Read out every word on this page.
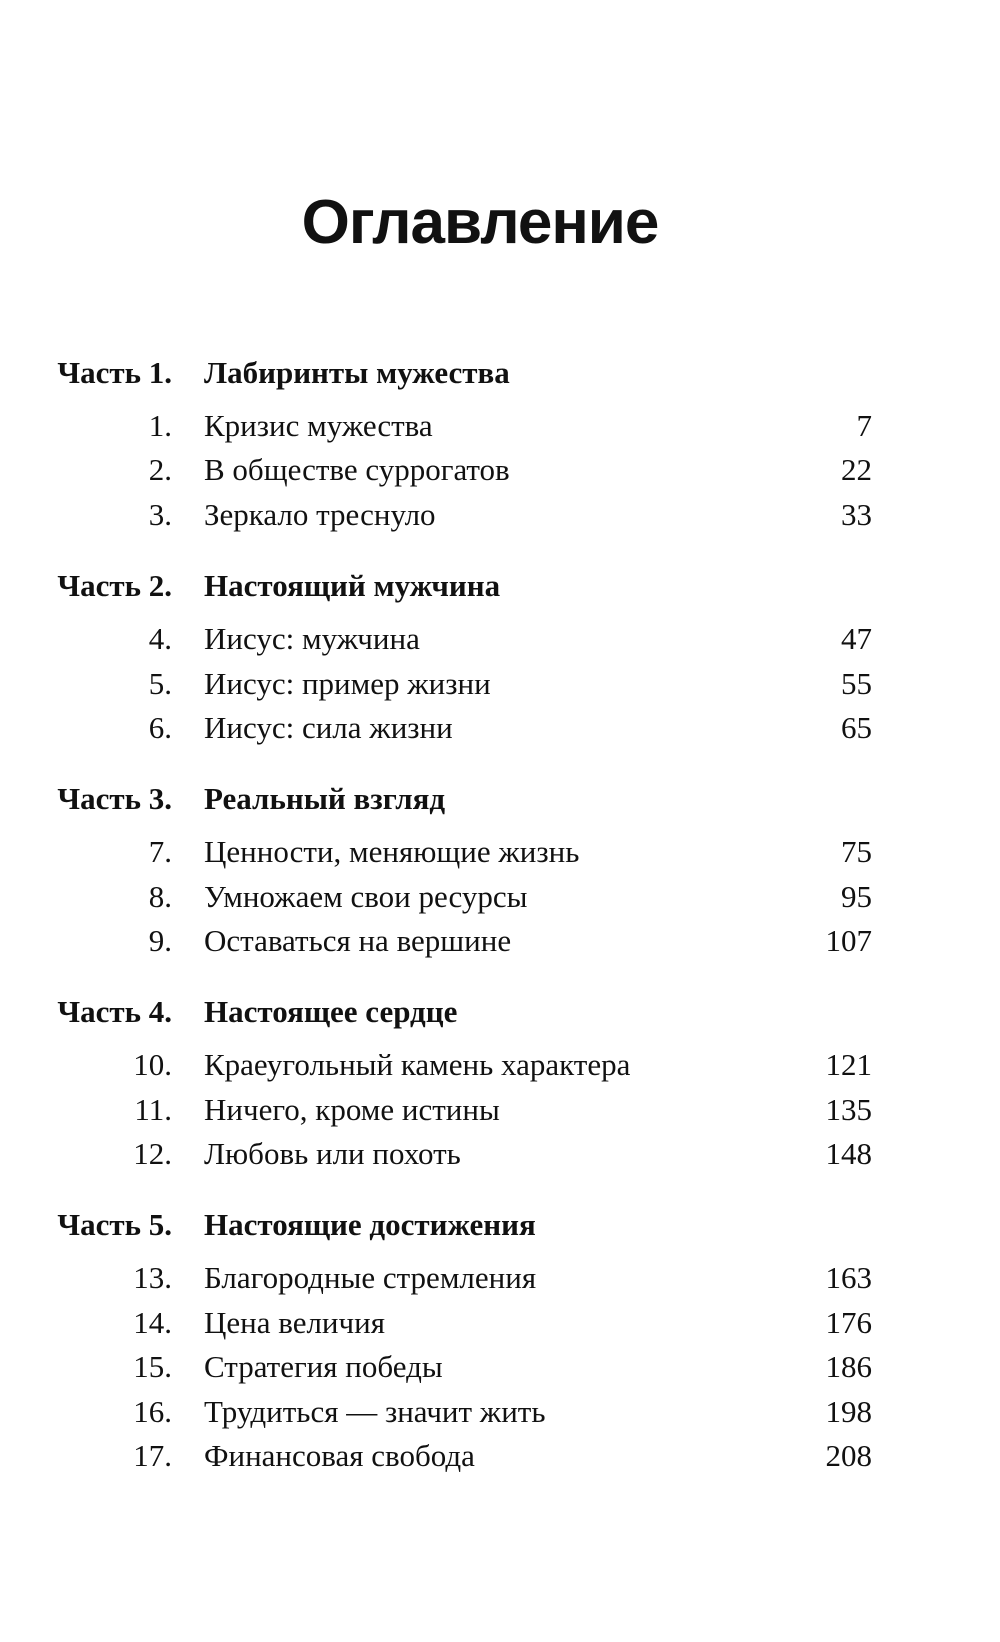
Оглавление
Часть 1. Лабиринты мужества
1. Кризис мужества	7
2. В обществе суррогатов	22
3. Зеркало треснуло	33
Часть 2. Настоящий мужчина
4. Иисус: мужчина	47
5. Иисус: пример жизни	55
6. Иисус: сила жизни	65
Часть 3. Реальный взгляд
7. Ценности, меняющие жизнь	75
8. Умножаем свои ресурсы	95
9. Оставаться на вершине	107
Часть 4. Настоящее сердце
10. Краеугольный камень характера	121
11. Ничего, кроме истины	135
12. Любовь или похоть	148
Часть 5. Настоящие достижения
13. Благородные стремления	163
14. Цена величия	176
15. Стратегия победы	186
16. Трудиться — значит жить	198
17. Финансовая свобода	208
